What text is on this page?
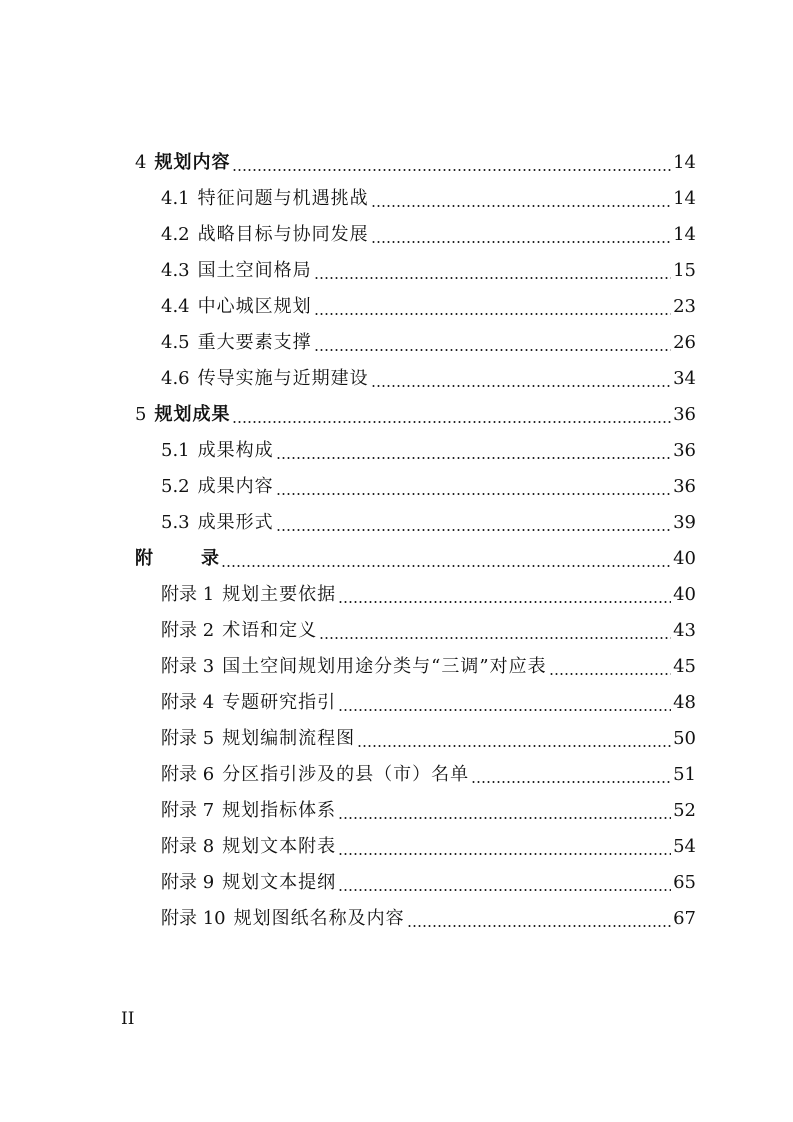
4 规划内容	14
4.1 特征问题与机遇挑战	14
4.2 战略目标与协同发展	14
4.3 国土空间格局	15
4.4 中心城区规划	23
4.5 重大要素支撑	26
4.6 传导实施与近期建设	34
5 规划成果	36
5.1 成果构成	36
5.2 成果内容	36
5.3 成果形式	39
附	录	40
附录 1 规划主要依据	40
附录 2 术语和定义	43
附录 3 国土空间规划用途分类与“三调”对应表	45
附录 4 专题研究指引	48
附录 5 规划编制流程图	50
附录 6 分区指引涉及的县（市）名单	51
附录 7 规划指标体系	52
附录 8 规划文本附表	54
附录 9 规划文本提纲	65
附录 10 规划图纸名称及内容	67
II
